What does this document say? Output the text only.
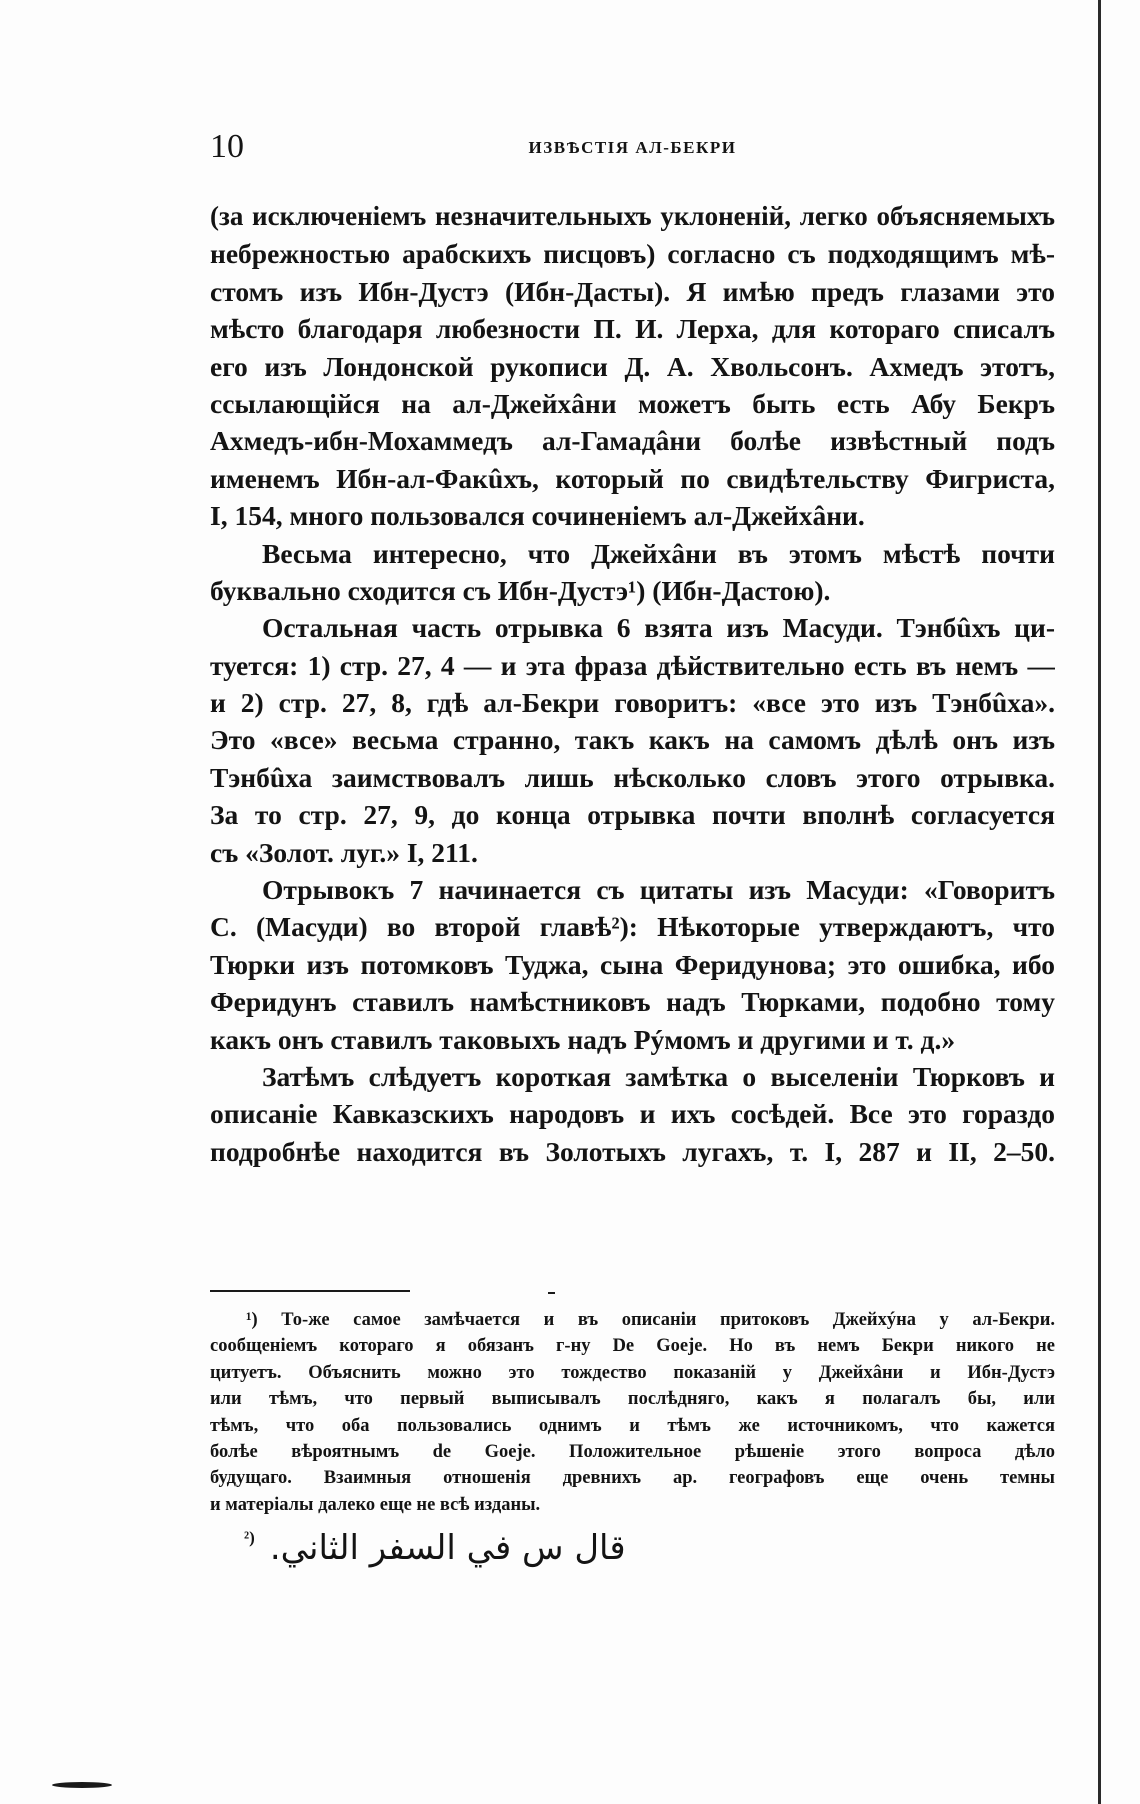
10	ИЗВѢСТІЯ АЛ-БЕКРИ
(за исключеніемъ незначительныхъ уклоненій, легко объясняемыхъ
небрежностью арабскихъ писцовъ) согласно съ подходящимъ мѣ-
стомъ изъ Ибн-Дустэ (Ибн-Дасты). Я имѣю предъ глазами это
мѣсто благодаря любезности П. И. Лерха, для котораго списалъ
его изъ Лондонской рукописи Д. А. Хвольсонъ. Ахмедъ этотъ,
ссылающійся на ал-Джейхâни можетъ быть есть Абу Бекръ
Ахмедъ-ибн-Мохаммедъ ал-Гамадâни болѣе извѣстный подъ
именемъ Ибн-ал-Факûхъ, который по свидѣтельству Фигриста,
I, 154, много пользовался сочиненіемъ ал-Джейхâни.
Весьма интересно, что Джейхâни въ этомъ мѣстѣ почти
буквально сходится съ Ибн-Дустэ¹) (Ибн-Дастою).
Остальная часть отрывка 6 взята изъ Масуди. Тэнбûхъ ци-
туется: 1) стр. 27, 4 — и эта фраза дѣйствительно есть въ немъ —
и 2) стр. 27, 8, гдѣ ал-Бекри говоритъ: «все это изъ Тэнбûха».
Это «все» весьма странно, такъ какъ на самомъ дѣлѣ онъ изъ
Тэнбûха заимствовалъ лишь нѣсколько словъ этого отрывка.
За то стр. 27, 9, до конца отрывка почти вполнѣ согласуется
съ «Золот. луг.» I, 211.
Отрывокъ 7 начинается съ цитаты изъ Масуди: «Говоритъ
С. (Масуди) во второй главѣ²): Нѣкоторые утверждаютъ, что
Тюрки изъ потомковъ Туджа, сына Феридунова; это ошибка, ибо
Феридунъ ставилъ намѣстниковъ надъ Тюрками, подобно тому
какъ онъ ставилъ таковыхъ надъ Рýмомъ и другими и т. д.»
Затѣмъ слѣдуетъ короткая замѣтка о выселеніи Тюрковъ и
описаніе Кавказскихъ народовъ и ихъ сосѣдей. Все это гораздо
подробнѣе находится въ Золотыхъ лугахъ, т. I, 287 и II, 2–50.
¹) То-же самое замѣчается и въ описаніи притоковъ Джейхýна у ал-Бекри.
сообщеніемъ котораго я обязанъ г-ну De Goeje. Но въ немъ Бекри никого не
цитуетъ. Объяснить можно это тождество показаній у Джейхâни и Ибн-Дустэ
или тѣмъ, что первый выписывалъ послѣдняго, какъ я полагалъ бы, или
тѣмъ, что оба пользовались однимъ и тѣмъ же источникомъ, что кажется
болѣе вѣроятнымъ de Goeje. Положительное рѣшеніе этого вопроса дѣло
будущаго. Взаимныя отношенія древнихъ ар. географовъ еще очень темны
и матеріалы далеко еще не всѣ изданы.
²) قال س في السفر الثاني.
